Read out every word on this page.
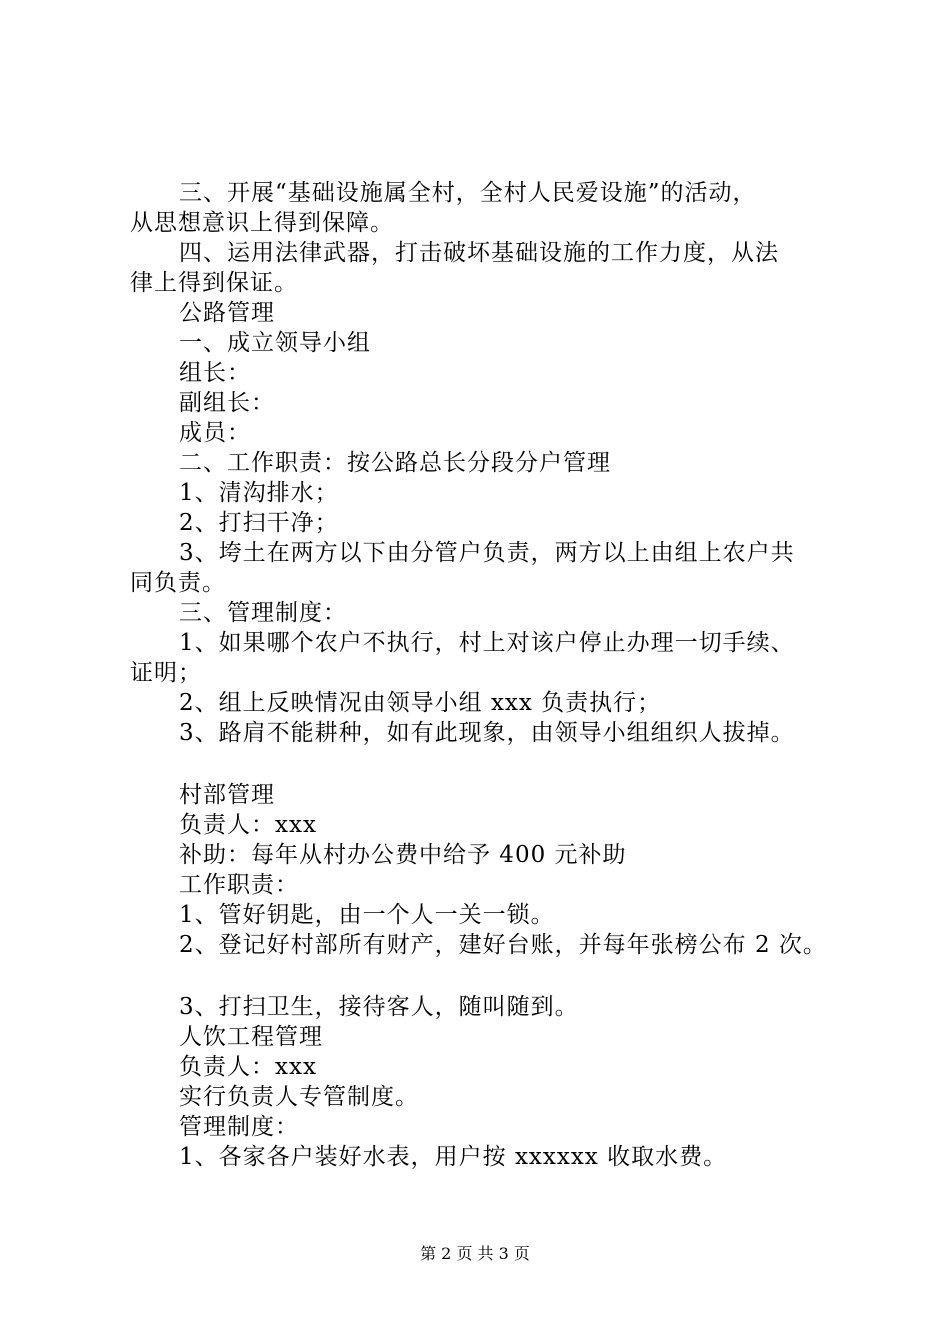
三、开展“基础设施属全村，全村人民爱设施”的活动，
从思想意识上得到保障。
四、运用法律武器，打击破坏基础设施的工作力度，从法
律上得到保证。
公路管理
一、成立领导小组
组长：
副组长：
成员：
二、工作职责：按公路总长分段分户管理
1、清沟排水；
2、打扫干净；
3、垮土在两方以下由分管户负责，两方以上由组上农户共
同负责。
三、管理制度：
1、如果哪个农户不执行，村上对该户停止办理一切手续、
证明；
2、组上反映情况由领导小组 xxx 负责执行；
3、路肩不能耕种，如有此现象，由领导小组组织人拔掉。
村部管理
负责人：xxx
补助：每年从村办公费中给予 400 元补助
工作职责：
1、管好钥匙，由一个人一关一锁。
2、登记好村部所有财产，建好台账，并每年张榜公布 2 次。
3、打扫卫生，接待客人，随叫随到。
人饮工程管理
负责人：xxx
实行负责人专管制度。
管理制度：
1、各家各户装好水表，用户按 xxxxxx 收取水费。
第 2 页 共 3 页
